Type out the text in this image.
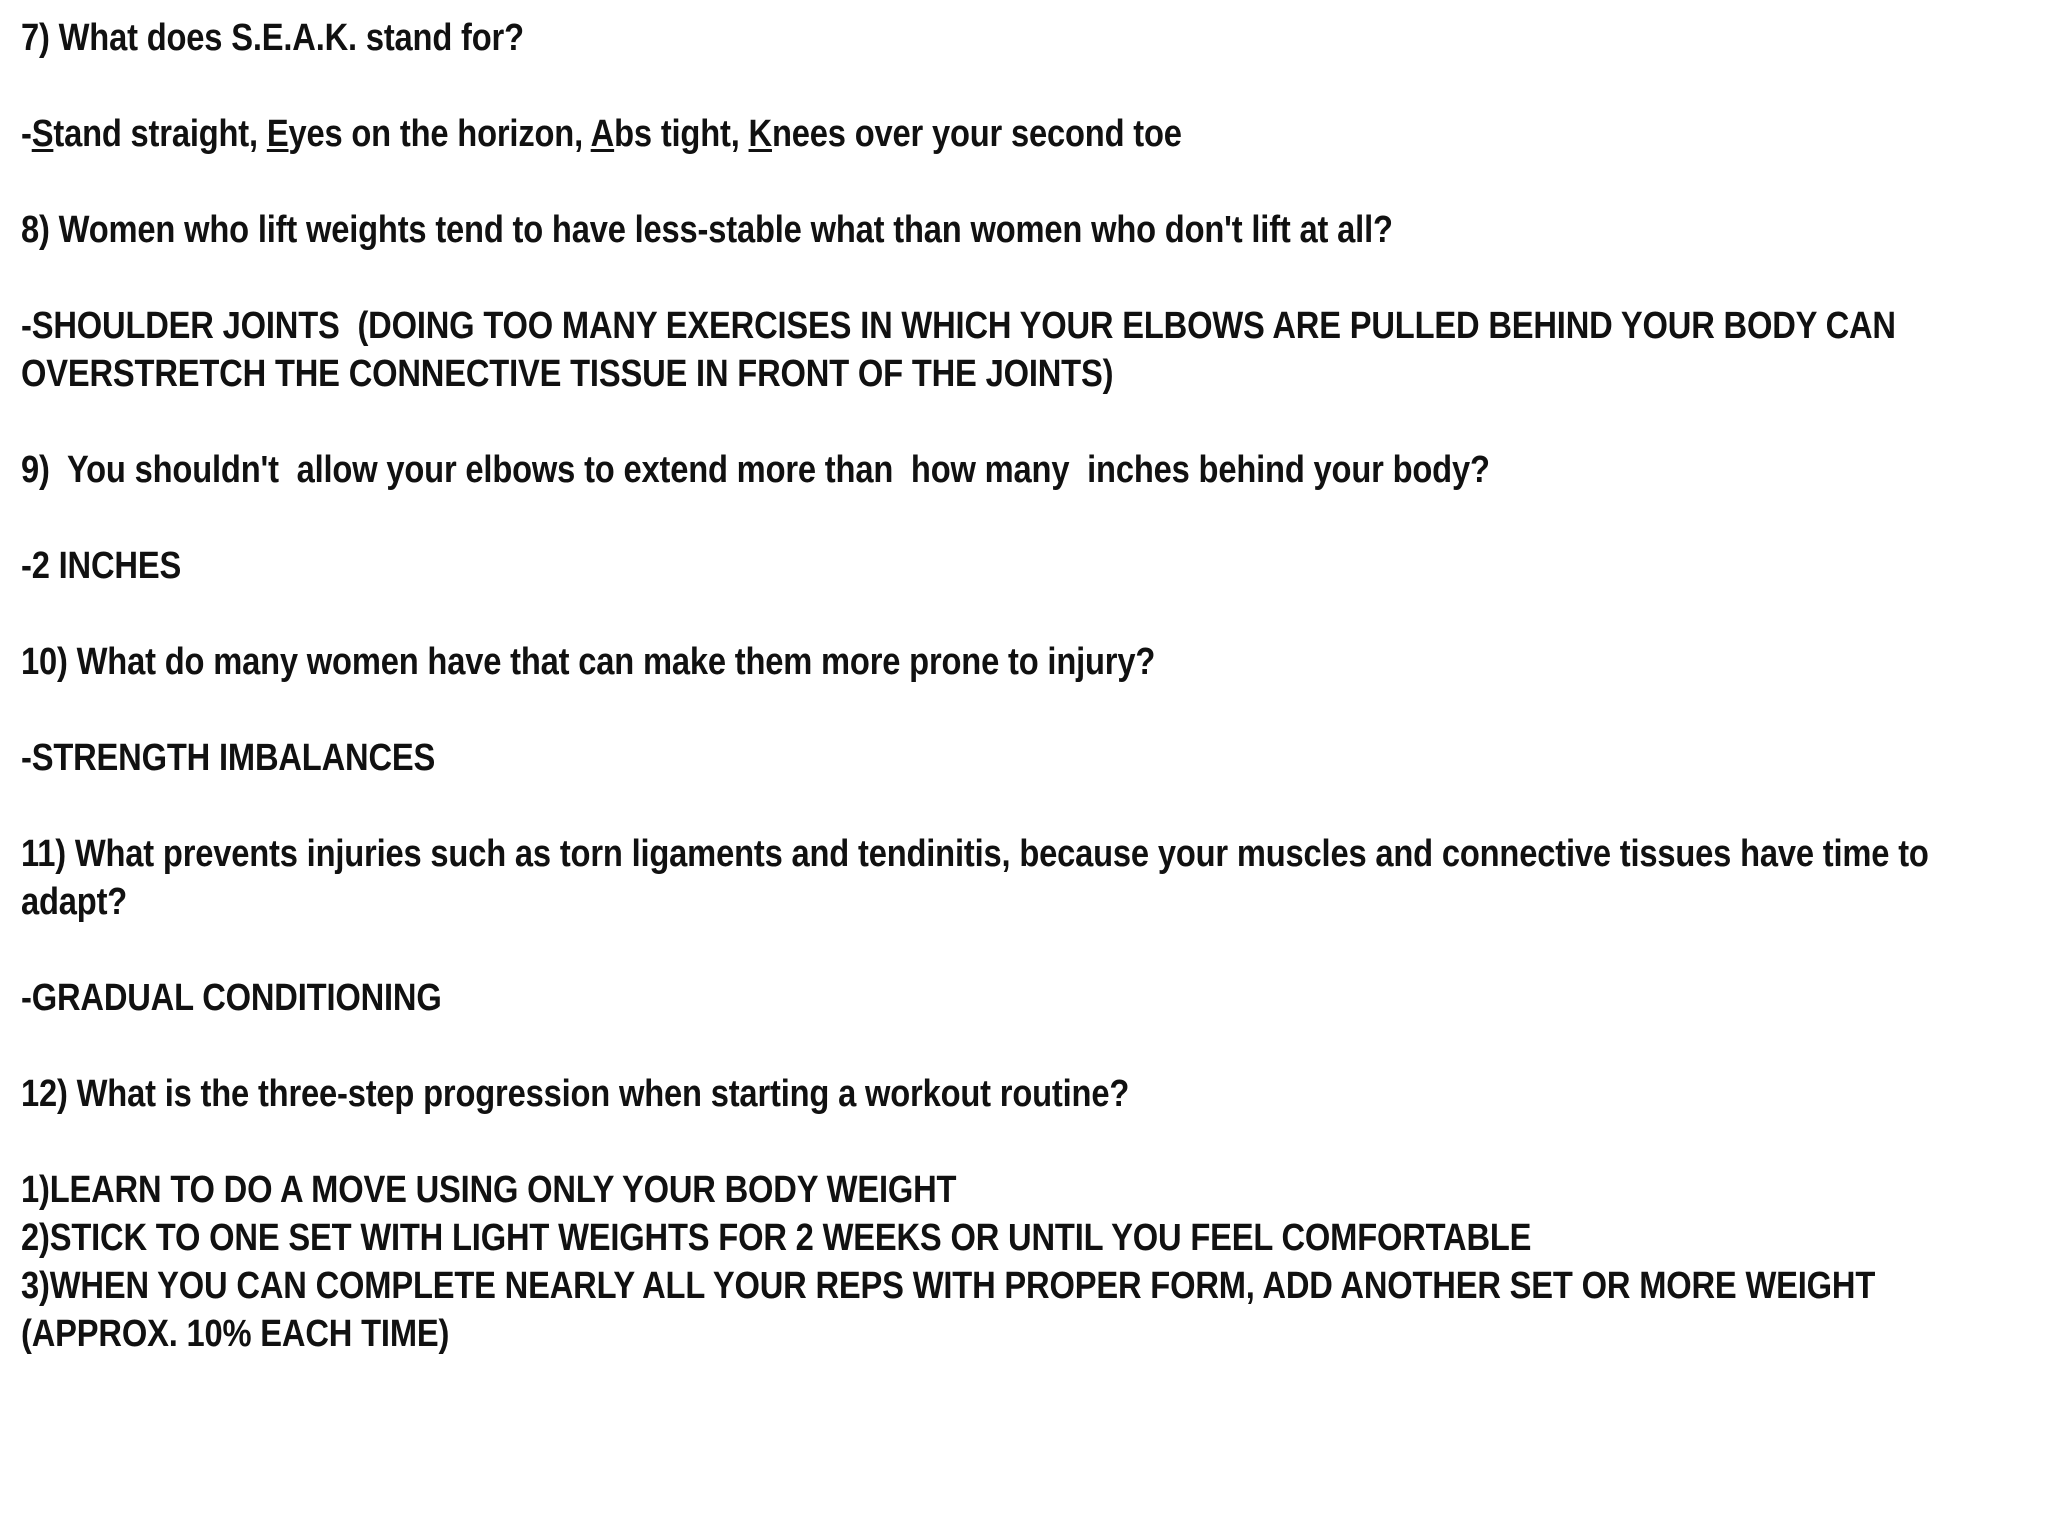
7) What does S.E.A.K. stand for?
-Stand straight, Eyes on the horizon, Abs tight, Knees over your second toe
8) Women who lift weights tend to have less-stable what than women who don't lift at all?
-SHOULDER JOINTS  (DOING TOO MANY EXERCISES IN WHICH YOUR ELBOWS ARE PULLED BEHIND YOUR BODY CAN
OVERSTRETCH THE CONNECTIVE TISSUE IN FRONT OF THE JOINTS)
9)  You shouldn't  allow your elbows to extend more than  how many  inches behind your body?
-2 INCHES
10) What do many women have that can make them more prone to injury?
-STRENGTH IMBALANCES
11) What prevents injuries such as torn ligaments and tendinitis, because your muscles and connective tissues have time to
adapt?
-GRADUAL CONDITIONING
12) What is the three-step progression when starting a workout routine?
1)LEARN TO DO A MOVE USING ONLY YOUR BODY WEIGHT
2)STICK TO ONE SET WITH LIGHT WEIGHTS FOR 2 WEEKS OR UNTIL YOU FEEL COMFORTABLE
3)WHEN YOU CAN COMPLETE NEARLY ALL YOUR REPS WITH PROPER FORM, ADD ANOTHER SET OR MORE WEIGHT
(APPROX. 10% EACH TIME)
